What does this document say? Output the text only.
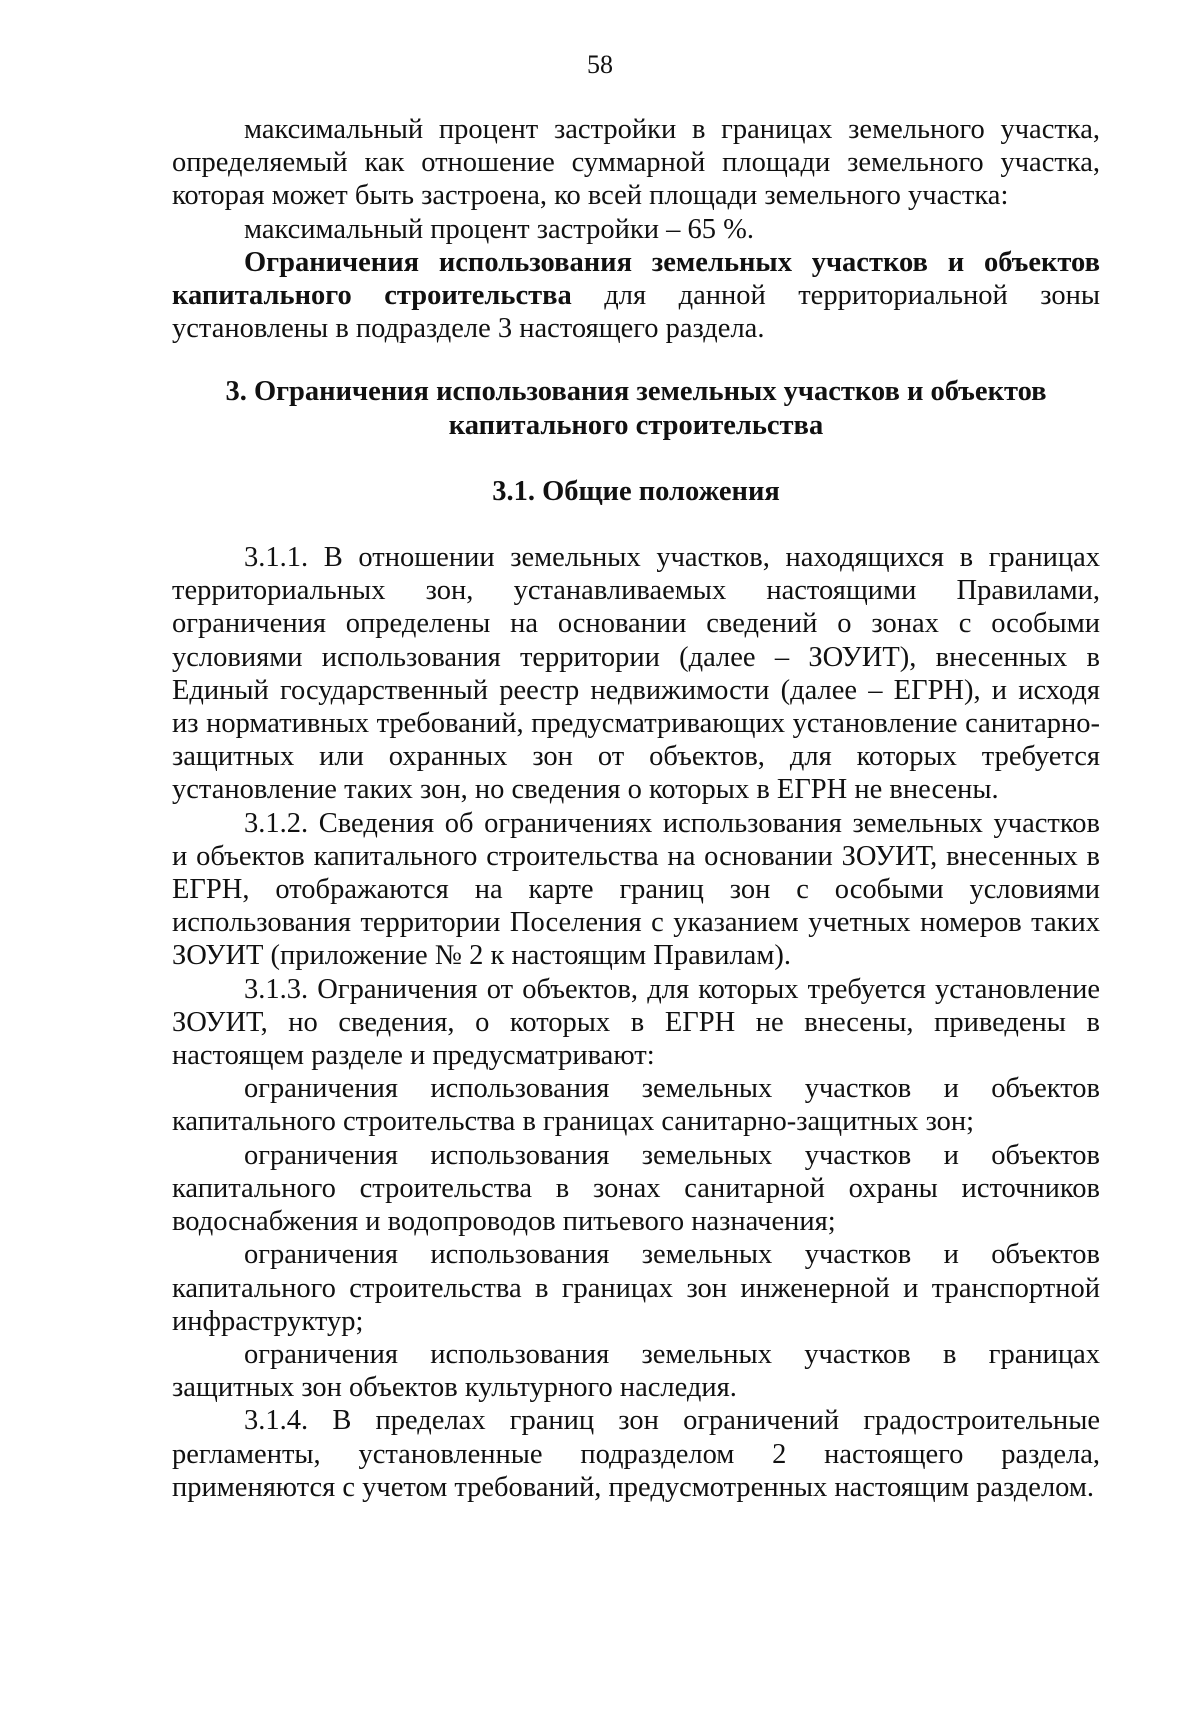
58

максимальный процент застройки в границах земельного участка, определяемый как отношение суммарной площади земельного участка, которая может быть застроена, ко всей площади земельного участка:

максимальный процент застройки – 65 %.

Ограничения использования земельных участков и объектов капитального строительства для данной территориальной зоны установлены в подразделе 3 настоящего раздела.

3. Ограничения использования земельных участков и объектов капитального строительства

3.1. Общие положения

3.1.1. В отношении земельных участков, находящихся в границах территориальных зон, устанавливаемых настоящими Правилами, ограничения определены на основании сведений о зонах с особыми условиями использования территории (далее – ЗОУИТ), внесенных в Единый государственный реестр недвижимости (далее – ЕГРН), и исходя из нормативных требований, предусматривающих установление санитарно-защитных или охранных зон от объектов, для которых требуется установление таких зон, но сведения о которых в ЕГРН не внесены.

3.1.2. Сведения об ограничениях использования земельных участков и объектов капитального строительства на основании ЗОУИТ, внесенных в ЕГРН, отображаются на карте границ зон с особыми условиями использования территории Поселения с указанием учетных номеров таких ЗОУИТ (приложение № 2 к настоящим Правилам).

3.1.3. Ограничения от объектов, для которых требуется установление ЗОУИТ, но сведения, о которых в ЕГРН не внесены, приведены в настоящем разделе и предусматривают:

ограничения использования земельных участков и объектов капитального строительства в границах санитарно-защитных зон;

ограничения использования земельных участков и объектов капитального строительства в зонах санитарной охраны источников водоснабжения и водопроводов питьевого назначения;

ограничения использования земельных участков и объектов капитального строительства в границах зон инженерной и транспортной инфраструктур;

ограничения использования земельных участков в границах защитных зон объектов культурного наследия.

3.1.4. В пределах границ зон ограничений градостроительные регламенты, установленные подразделом 2 настоящего раздела, применяются с учетом требований, предусмотренных настоящим разделом.
